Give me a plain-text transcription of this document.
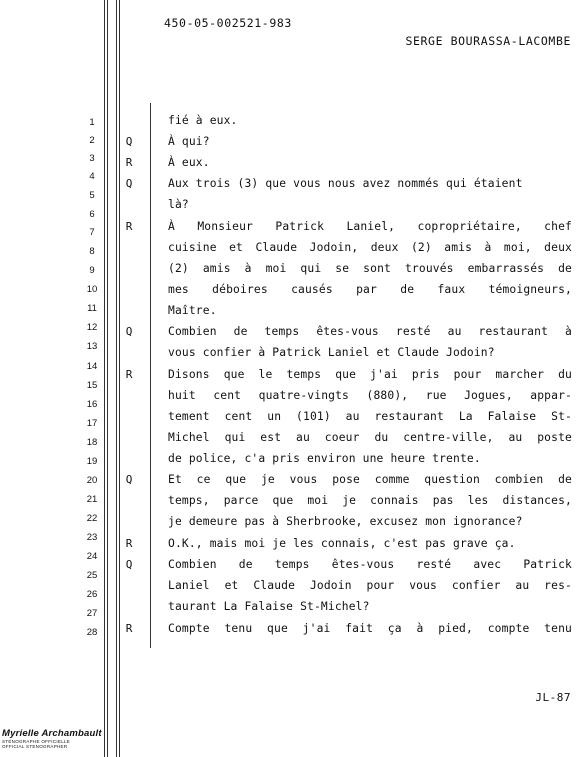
450-05-002521-983
SERGE BOURASSA-LACOMBE
1
2
3
4
5
6
7
8
9
10
11
12
13
14
15
16
17
18
19
20
21
22
23
24
25
26
27
28
fié à eux.
Q	À qui?
R	À eux.
Q	Aux trois (3) que vous nous avez nommés qui étaient
là?
R	À Monsieur Patrick Laniel, copropriétaire, chef
cuisine et Claude Jodoin, deux (2) amis à moi, deux
(2) amis à moi qui se sont trouvés embarrassés de
mes déboires causés par de faux témoigneurs,
Maître.
Q	Combien de temps êtes-vous resté au restaurant à
vous confier à Patrick Laniel et Claude Jodoin?
R	Disons que le temps que j'ai pris pour marcher du
huit cent quatre-vingts (880), rue Jogues, appar-
tement cent un (101) au restaurant La Falaise St-
Michel qui est au coeur du centre-ville, au poste
de police, c'a pris environ une heure trente.
Q	Et ce que je vous pose comme question combien de
temps, parce que moi je connais pas les distances,
je demeure pas à Sherbrooke, excusez mon ignorance?
R	O.K., mais moi je les connais, c'est pas grave ça.
Q	Combien de temps êtes-vous resté avec Patrick
Laniel et Claude Jodoin pour vous confier au res-
taurant La Falaise St-Michel?
R	Compte tenu que j'ai fait ça à pied, compte tenu
JL-87
Myrielle Archambault
STÉNOGRAPHE OFFICIELLE
OFFICIAL STENOGRAPHER
